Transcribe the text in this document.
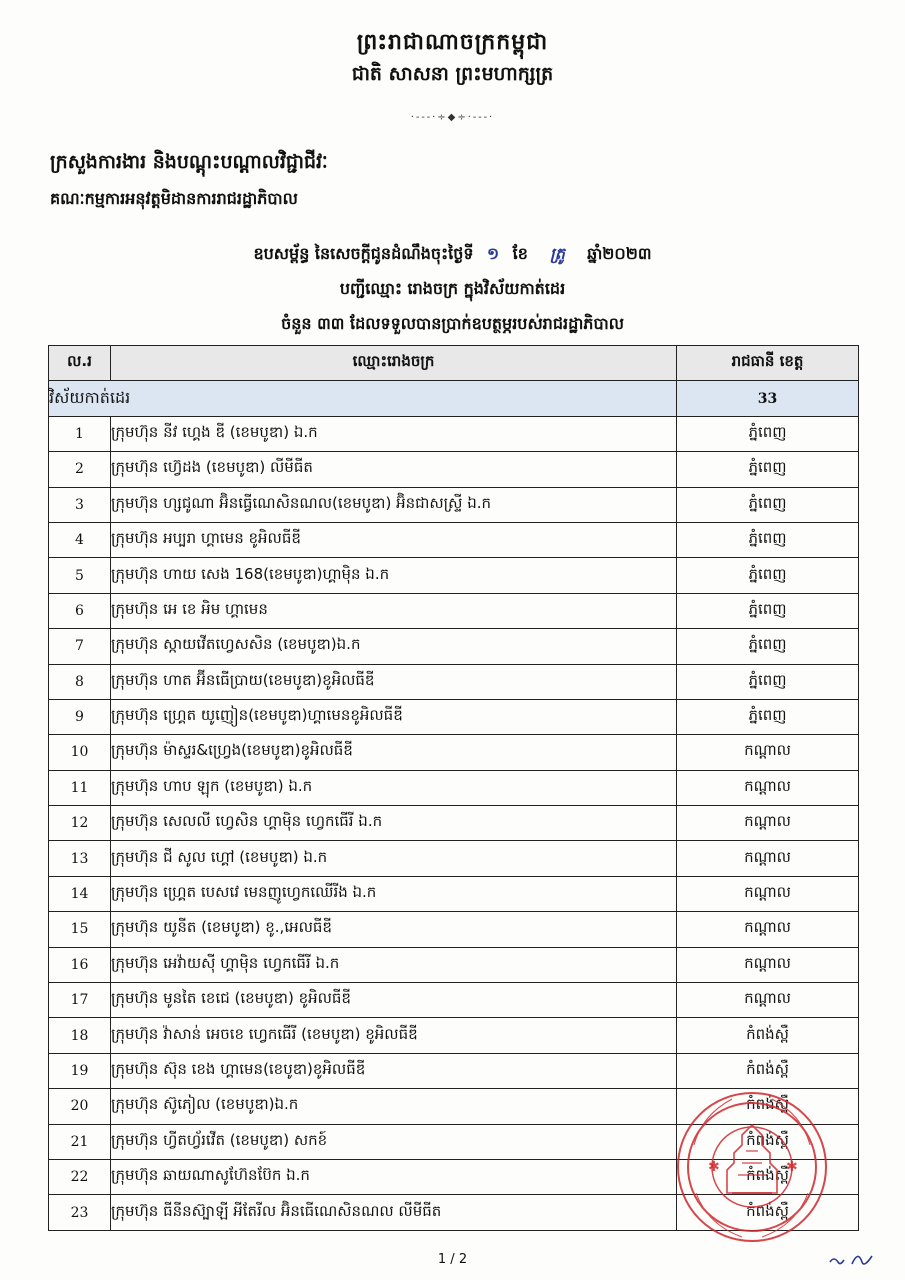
ព្រះរាជាណាចក្រកម្ពុជា
ជាតិ សាសនា ព្រះមហាក្សត្រ
·---·÷◆÷·---·
ក្រសួងការងារ និងបណ្តុះបណ្តាលវិជ្ជាជីវៈ
គណៈកម្មការអនុវត្តមិដានការរាជរដ្ឋាភិបាល
ឧបសម្ព័ន្ធ នៃសេចក្តីជូនដំណឹងចុះថ្ងៃទី ១ ខែ ត្រូ ឆ្នាំ២០២៣
បញ្ជីឈ្មោះ រោងចក្រ ក្នុងវិស័យកាត់ដេរ
ចំនួន ៣៣ ដែលទទួលបានប្រាក់ឧបត្ថម្ភរបស់រាជរដ្ឋាភិបាល
ល.រ	ឈ្មោះរោងចក្រ	រាជធានី ខេត្ត
វិស័យកាត់ដេរ		33
1	ក្រុមហ៊ុន នីវ ហ្គេង ឌី (ខេមបូឌា) ឯ.ក	ភ្នំពេញ
2	ក្រុមហ៊ុន ហ៊្វេដង (ខេមបូឌា) លីមីធីត	ភ្នំពេញ
3	ក្រុមហ៊ុន ហ្សជូណា អ៊ិនធ្វើណេសិនណល(ខេមបូឌា) អ៊ិនជាសស្ទ្រី ឯ.ក	ភ្នំពេញ
4	ក្រុមហ៊ុន អប្បរា ហ្គាមេន ខូអិលធីឌី	ភ្នំពេញ
5	ក្រុមហ៊ុន ហាយ សេង 168(ខេមបូឌា)ហ្គាម៉ិន ឯ.ក	ភ្នំពេញ
6	ក្រុមហ៊ុន អេ ខេ អិម ហ្គាមេន	ភ្នំពេញ
7	ក្រុមហ៊ុន ស្កាយវើតហ្វេសសិន (ខេមបូឌា)ឯ.ក	ភ្នំពេញ
8	ក្រុមហ៊ុន ហាត អ៊ីនធើប្រាយ(ខេមបូឌា)ខូអិលធីឌី	ភ្នំពេញ
9	ក្រុមហ៊ុន ហ្គ្រេត យូញៀន(ខេមបូឌា)ហ្គាមេនខូអិលធីឌី	ភ្នំពេញ
10	ក្រុមហ៊ុន ម៉ាស្ទរ&ហ្វ្រេង(ខេមបូឌា)ខូអិលធីឌី	កណ្តាល
11	ក្រុមហ៊ុន ហាប ឡុក (ខេមបូឌា) ឯ.ក	កណ្តាល
12	ក្រុមហ៊ុន សេលលី ហ្វេសិន ហ្គាម៉ិន ហ្វេកធើរី ឯ.ក	កណ្តាល
13	ក្រុមហ៊ុន ជី សូល ហ្គៅ (ខេមបូឌា) ឯ.ក	កណ្តាល
14	ក្រុមហ៊ុន ហ្គ្រេត បេសវេ មេនញូហ្វេកឈើរីង ឯ.ក	កណ្តាល
15	ក្រុមហ៊ុន យូនីត (ខេមបូឌា) ខូ.,អេលធីឌី	កណ្តាល
16	ក្រុមហ៊ុន អេវ៉ាយស៊ី ហ្គាម៉ិន ហ្វេកធើរី ឯ.ក	កណ្តាល
17	ក្រុមហ៊ុន មូនតៃ ខេជេ (ខេមបូឌា) ខូអិលធីឌី	កណ្តាល
18	ក្រុមហ៊ុន វ៉ាសាន់ អេចខេ ហ្វេកធើរី (ខេមបូឌា) ខូអិលធីឌី	កំពង់ស្ពឺ
19	ក្រុមហ៊ុន ស៊ុន ខេង ហ្គាមេន(ខេបូឌា)ខូអិលធីឌី	កំពង់ស្ពឺ
20	ក្រុមហ៊ុន ស៊ូភៀល (ខេមបូឌា)ឯ.ក	កំពង់ស្ពឺ
21	ក្រុមហ៊ុន ហ្វីតហ្វ័រវើត (ខេមបូឌា) សកខ៍	កំពង់ស្ពឺ
22	ក្រុមហ៊ុន ឆាយណាសូហ៊ែនប៊ែក ឯ.ក	កំពង់ស្ពឺ
23	ក្រុមហ៊ុន ធីនីនស៊្បាឡី អីតែរីល អ៊ិនធើណេសិនណល លីមីធីត	កំពង់ស្ពឺ
✱	✱
1 / 2
